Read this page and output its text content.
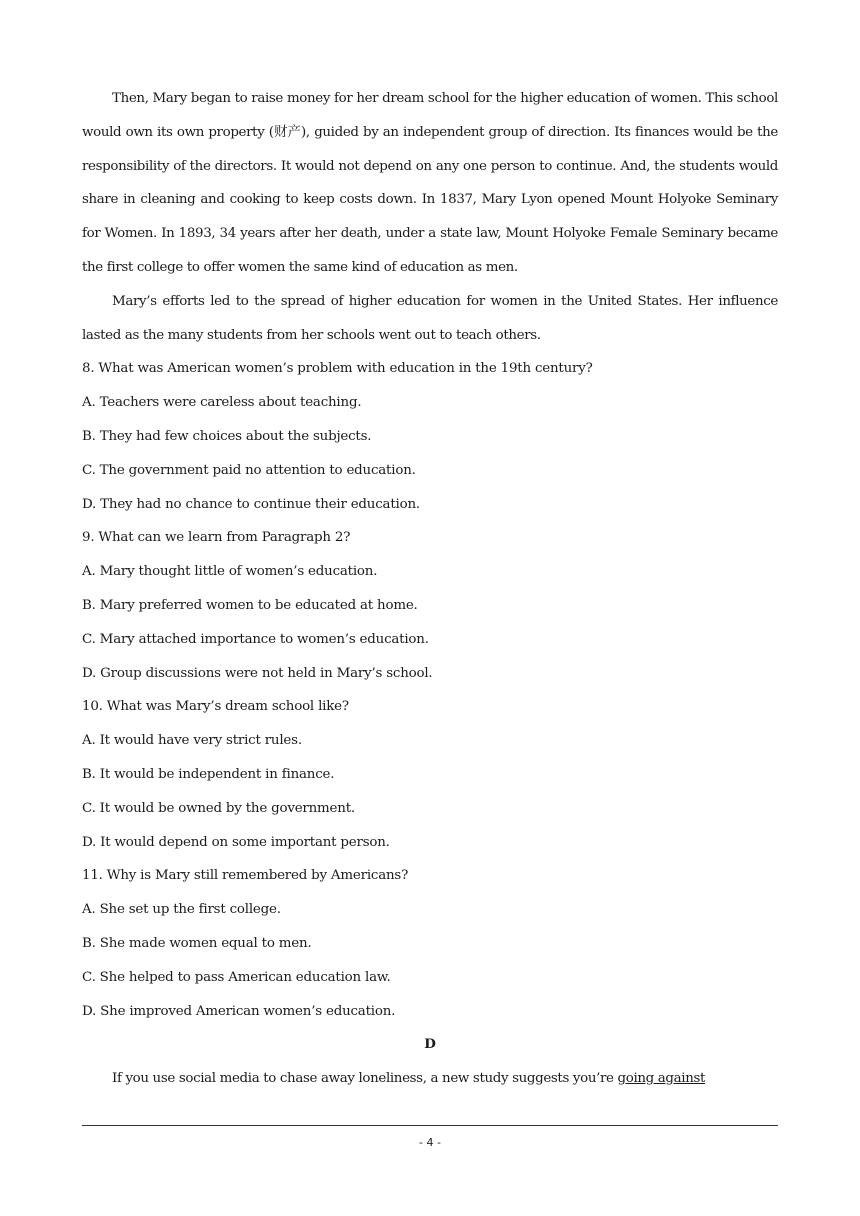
Then, Mary began to raise money for her dream school for the higher education of women. This school would own its own property (财产), guided by an independent group of direction. Its finances would be the responsibility of the directors. It would not depend on any one person to continue. And, the students would share in cleaning and cooking to keep costs down. In 1837, Mary Lyon opened Mount Holyoke Seminary for Women. In 1893, 34 years after her death, under a state law, Mount Holyoke Female Seminary became the first college to offer women the same kind of education as men.

Mary’s efforts led to the spread of higher education for women in the United States. Her influence lasted as the many students from her schools went out to teach others.

8. What was American women’s problem with education in the 19th century?
A. Teachers were careless about teaching.
B. They had few choices about the subjects.
C. The government paid no attention to education.
D. They had no chance to continue their education.
9. What can we learn from Paragraph 2?
A. Mary thought little of women’s education.
B. Mary preferred women to be educated at home.
C. Mary attached importance to women’s education.
D. Group discussions were not held in Mary’s school.
10. What was Mary’s dream school like?
A. It would have very strict rules.
B. It would be independent in finance.
C. It would be owned by the government.
D. It would depend on some important person.
11. Why is Mary still remembered by Americans?
A. She set up the first college.
B. She made women equal to men.
C. She helped to pass American education law.
D. She improved American women’s education.
D
If you use social media to chase away loneliness, a new study suggests you’re going against
- 4 -
